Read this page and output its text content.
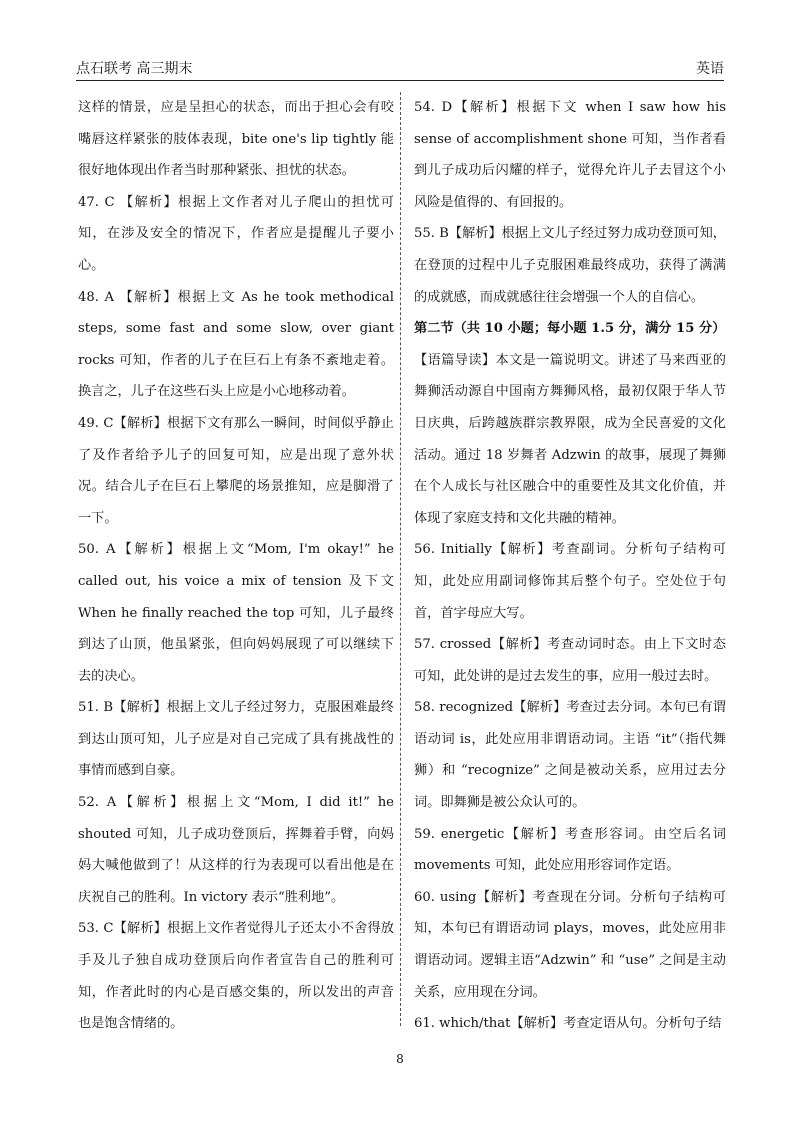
点石联考 高三期末	英语

这样的情景，应是呈担心的状态，而出于担心会有咬嘴唇这样紧张的肢体表现，bite one's lip tightly 能很好地体现出作者当时那种紧张、担忧的状态。

47. C 【解析】根据上文作者对儿子爬山的担忧可知，在涉及安全的情况下，作者应是提醒儿子要小心。

48. A 【解析】根据上文 As he took methodical steps, some fast and some slow, over giant rocks 可知，作者的儿子在巨石上有条不紊地走着。换言之，儿子在这些石头上应是小心地移动着。

49. C【解析】根据下文有那么一瞬间，时间似乎静止了及作者给予儿子的回复可知，应是出现了意外状况。结合儿子在巨石上攀爬的场景推知，应是脚滑了一下。

50. A【解析】根据上文“Mom, I'm okay!” he called out, his voice a mix of tension 及下文 When he finally reached the top 可知，儿子最终到达了山顶，他虽紧张，但向妈妈展现了可以继续下去的决心。

51. B【解析】根据上文儿子经过努力，克服困难最终到达山顶可知，儿子应是对自己完成了具有挑战性的事情而感到自豪。

52. A【解析】根据上文“Mom, I did it!” he shouted 可知，儿子成功登顶后，挥舞着手臂，向妈妈大喊他做到了！从这样的行为表现可以看出他是在庆祝自己的胜利。In victory 表示“胜利地”。

53. C【解析】根据上文作者觉得儿子还太小不舍得放手及儿子独自成功登顶后向作者宣告自己的胜利可知，作者此时的内心是百感交集的，所以发出的声音也是饱含情绪的。

54. D【解析】根据下文 when I saw how his sense of accomplishment shone 可知，当作者看到儿子成功后闪耀的样子，觉得允许儿子去冒这个小风险是值得的、有回报的。

55. B【解析】根据上文儿子经过努力成功登顶可知，在登顶的过程中儿子克服困难最终成功，获得了满满的成就感，而成就感往往会增强一个人的自信心。

第二节（共 10 小题；每小题 1.5 分，满分 15 分）

【语篇导读】本文是一篇说明文。讲述了马来西亚的舞狮活动源自中国南方舞狮风格，最初仅限于华人节日庆典，后跨越族群宗教界限，成为全民喜爱的文化活动。通过 18 岁舞者 Adzwin 的故事，展现了舞狮在个人成长与社区融合中的重要性及其文化价值，并体现了家庭支持和文化共融的精神。

56. Initially【解析】考查副词。分析句子结构可知，此处应用副词修饰其后整个句子。空处位于句首，首字母应大写。

57. crossed【解析】考查动词时态。由上下文时态可知，此处讲的是过去发生的事，应用一般过去时。

58. recognized【解析】考查过去分词。本句已有谓语动词 is，此处应用非谓语动词。主语 “it”（指代舞狮）和 “recognize” 之间是被动关系，应用过去分词。即舞狮是被公众认可的。

59. energetic【解析】考查形容词。由空后名词 movements 可知，此处应用形容词作定语。

60. using【解析】考查现在分词。分析句子结构可知，本句已有谓语动词 plays，moves，此处应用非谓语动词。逻辑主语“Adzwin” 和 “use” 之间是主动关系，应用现在分词。

61. which/that【解析】考查定语从句。分析句子结

8
